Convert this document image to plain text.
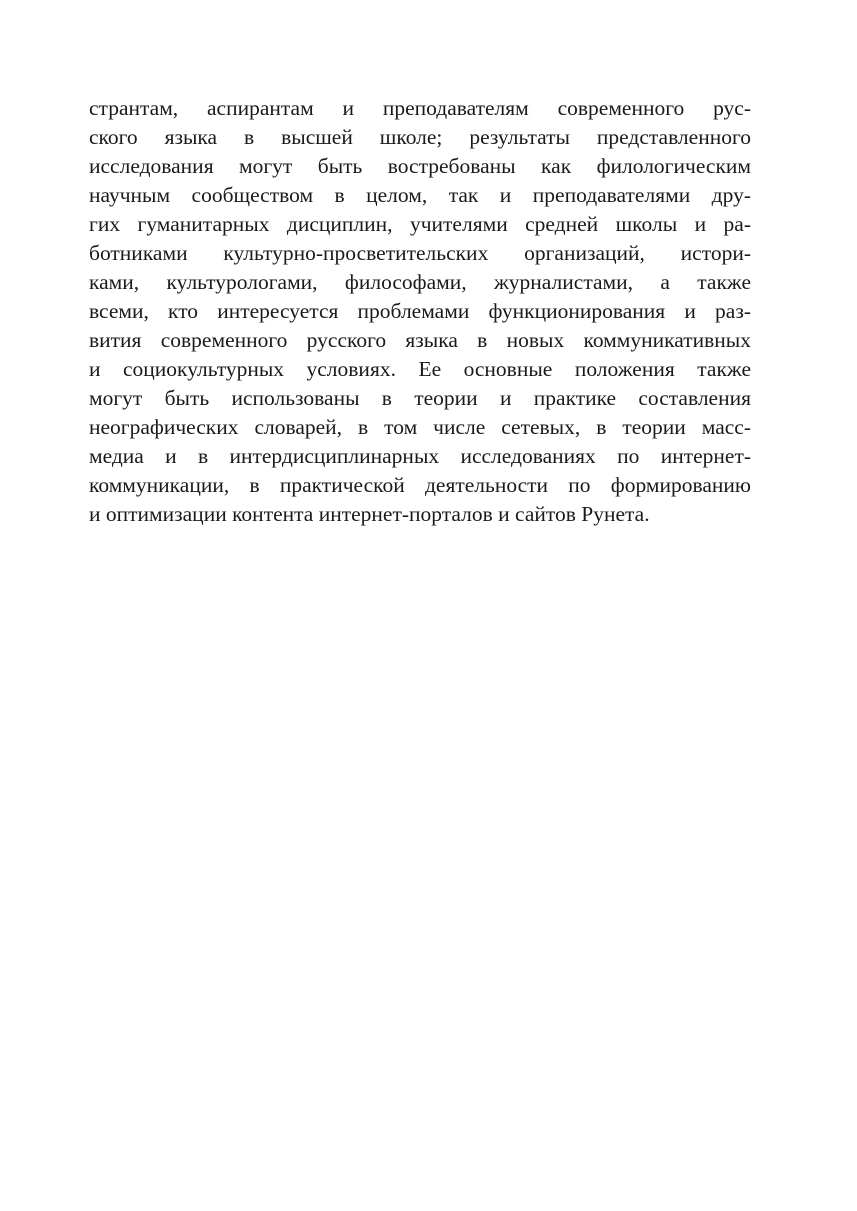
странтам, аспирантам и преподавателям современного рус-
ского языка в высшей школе; результаты представленного
исследования могут быть востребованы как филологическим
научным сообществом в целом, так и преподавателями дру-
гих гуманитарных дисциплин, учителями средней школы и ра-
ботниками культурно-просветительских организаций, истори-
ками, культурологами, философами, журналистами, а также
всеми, кто интересуется проблемами функционирования и раз-
вития современного русского языка в новых коммуникативных
и социокультурных условиях. Ее основные положения также
могут быть использованы в теории и практике составления
неографических словарей, в том числе сетевых, в теории масс-
медиа и в интердисциплинарных исследованиях по интернет-
коммуникации, в практической деятельности по формированию
и оптимизации контента интернет-порталов и сайтов Рунета.
